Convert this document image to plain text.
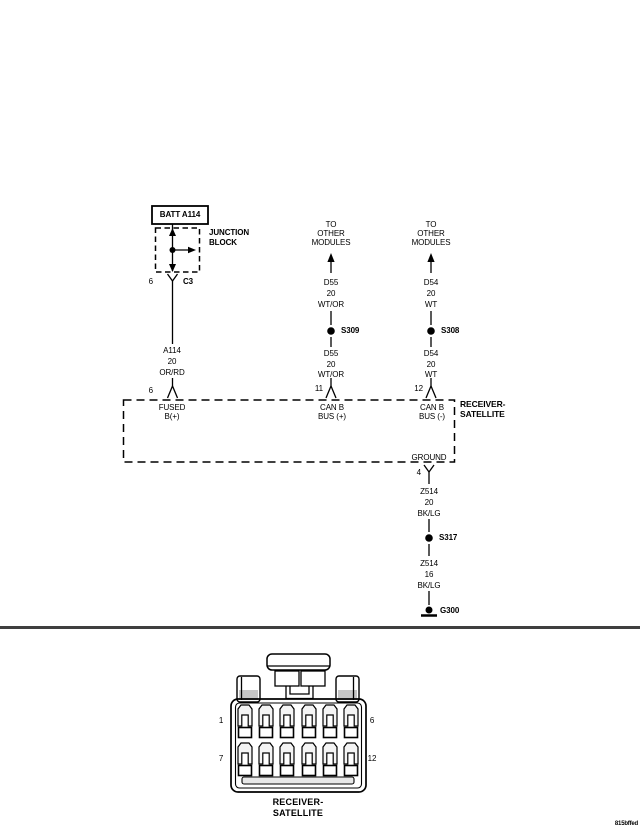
BATT A114
JUNCTION
BLOCK
6	C3
A114
20
OR/RD
6
FUSED
B(+)
TO
OTHER
MODULES
D55
20
WT/OR
S309
D55
20
WT/OR
11
CAN B
BUS (+)
TO
OTHER
MODULES
D54
20
WT
S308
D54
20
WT
12
CAN B
BUS (-)
RECEIVER-
SATELLITE
GROUND
4
Z514
20
BK/LG
S317
Z514
16
BK/LG
G300
1	6
7	12
RECEIVER-
SATELLITE
815bffed
